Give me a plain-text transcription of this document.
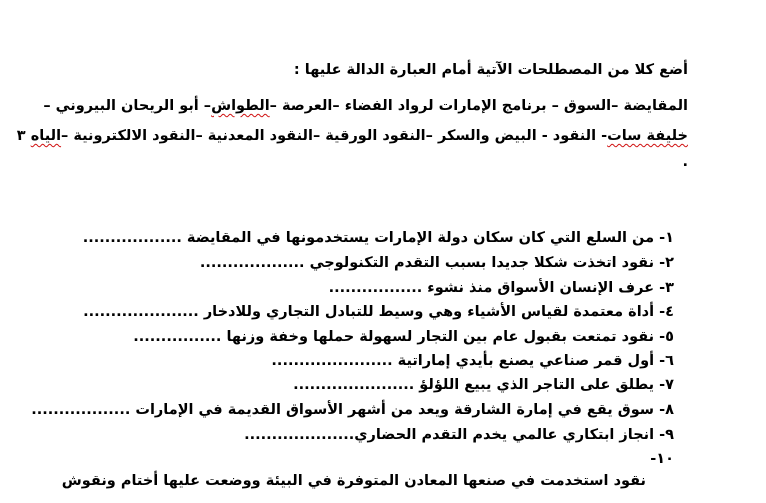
أضع كلا من المصطلحات الآتية أمام العبارة الدالة عليها :
المقايضة –السوق – برنامج الإمارات لرواد الفضاء –العرصة –الطواش– أبو الريحان البيروني –
خليفة سات- النقود - البيض والسكر –النقود الورقية –النقود المعدنية –النقود الالكترونية –الياه ٣
.
١- من السلع التي كان سكان دولة الإمارات يستخدمونها في المقايضة ..................
٢- نقود اتخذت شكلا جديدا بسبب التقدم التكنولوجي ...................
٣- عرف الإنسان الأسواق منذ نشوء .................
٤- أداة معتمدة لقياس الأشياء وهي وسيط للتبادل التجاري وللادخار .....................
٥- نقود تمتعت بقبول عام بين التجار لسهولة حملها وخفة وزنها ................
٦- أول قمر صناعي يصنع بأيدي إماراتية ......................
٧- يطلق على التاجر الذي يبيع اللؤلؤ ......................
٨- سوق يقع في إمارة الشارقة ويعد من أشهر الأسواق القديمة في الإمارات ..................
٩- انجاز ابتكاري عالمي يخدم التقدم الحضاري....................
١٠-
نقود استخدمت في صنعها المعادن المتوفرة في البيئة ووضعت عليها أختام ونقوش
